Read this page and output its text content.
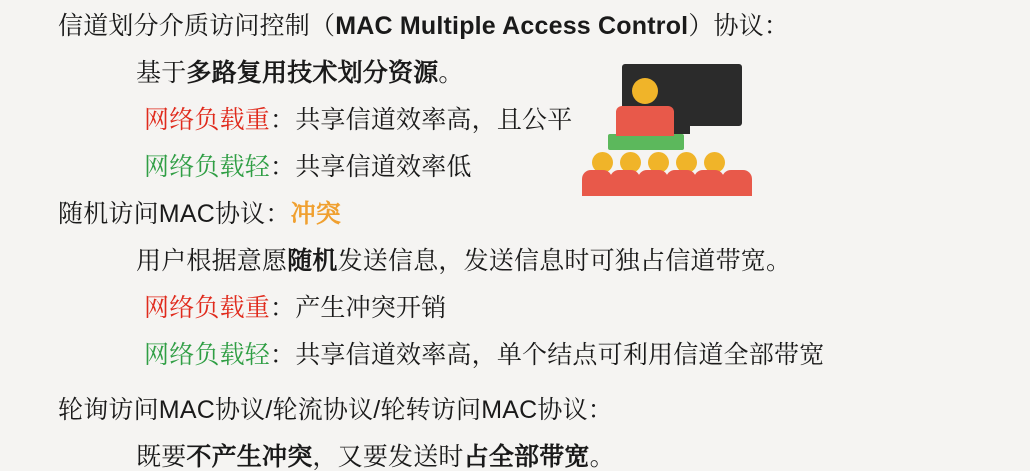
信道划分介质访问控制（MAC Multiple Access Control）协议：
基于多路复用技术划分资源。
网络负载重：共享信道效率高，且公平
网络负载轻：共享信道效率低
随机访问MAC协议：冲突
用户根据意愿随机发送信息，发送信息时可独占信道带宽。
网络负载重：产生冲突开销
网络负载轻：共享信道效率高，单个结点可利用信道全部带宽
轮询访问MAC协议/轮流协议/轮转访问MAC协议：
既要不产生冲突，又要发送时占全部带宽。
